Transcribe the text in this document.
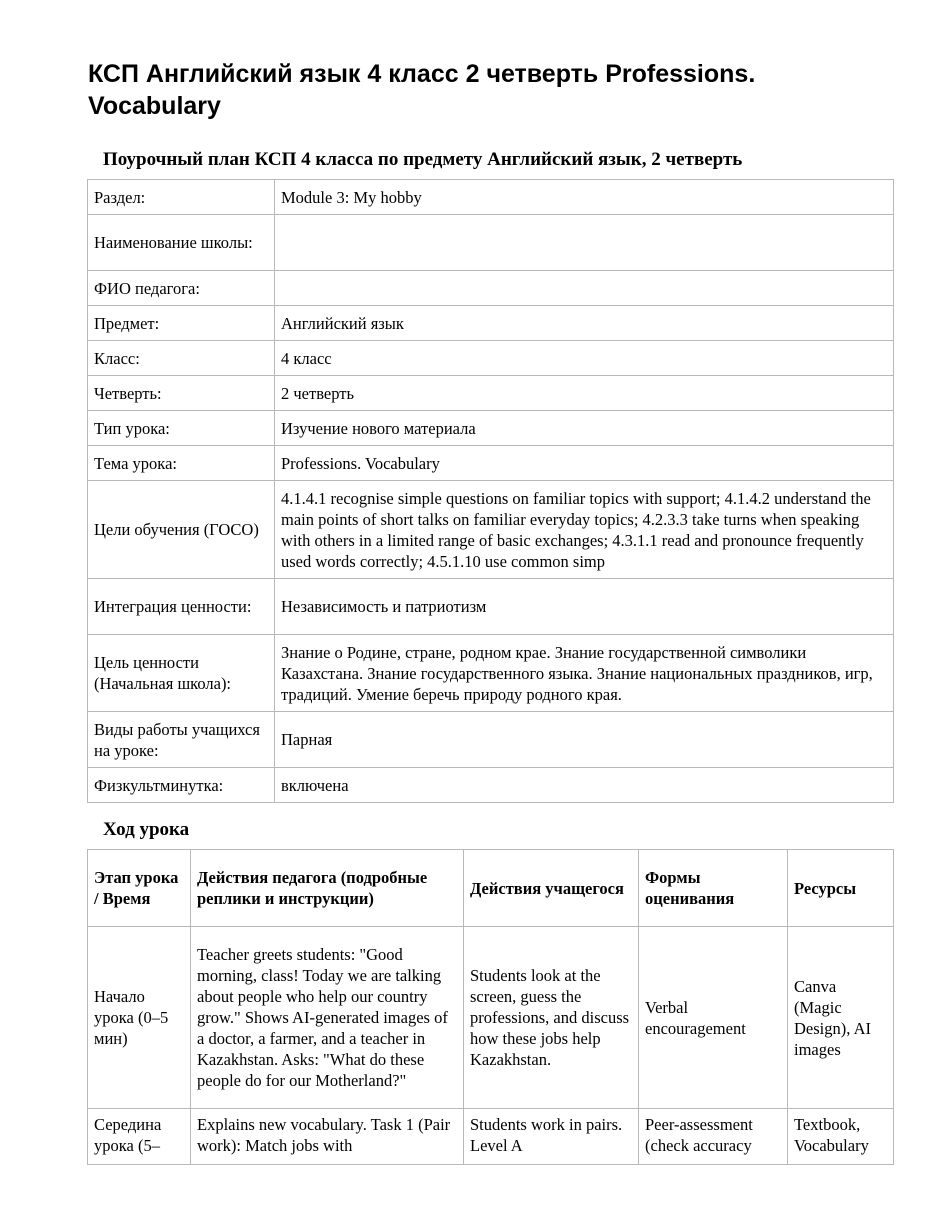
КСП Английский язык 4 класс 2 четверть Professions. Vocabulary
Поурочный план КСП 4 класса по предмету Английский язык, 2 четверть
Раздел:	Module 3: My hobby
Наименование школы:	
ФИО педагога:	
Предмет:	Английский язык
Класс:	4 класс
Четверть:	2 четверть
Тип урока:	Изучение нового материала
Тема урока:	Professions. Vocabulary
Цели обучения (ГОСО)	4.1.4.1 recognise simple questions on familiar topics with support; 4.1.4.2 understand the main points of short talks on familiar everyday topics; 4.2.3.3 take turns when speaking with others in a limited range of basic exchanges; 4.3.1.1 read and pronounce frequently used words correctly; 4.5.1.10 use common simp
Интеграция ценности:	Независимость и патриотизм
Цель ценности (Начальная школа):	Знание о Родине, стране, родном крае. Знание государственной символики Казахстана. Знание государственного языка. Знание национальных праздников, игр, традиций. Умение беречь природу родного края.
Виды работы учащихся на уроке:	Парная
Физкультминутка:	включена
Ход урока
Этап урока / Время	Действия педагога (подробные реплики и инструкции)	Действия учащегося	Формы оценивания	Ресурсы
Начало урока (0–5 мин)	Teacher greets students: "Good morning, class! Today we are talking about people who help our country grow." Shows AI-generated images of a doctor, a farmer, and a teacher in Kazakhstan. Asks: "What do these people do for our Motherland?"	Students look at the screen, guess the professions, and discuss how these jobs help Kazakhstan.	Verbal encouragement	Canva (Magic Design), AI images
Середина урока (5–	Explains new vocabulary. Task 1 (Pair work): Match jobs with	Students work in pairs. Level A	Peer-assessment (check accuracy	Textbook, Vocabulary
